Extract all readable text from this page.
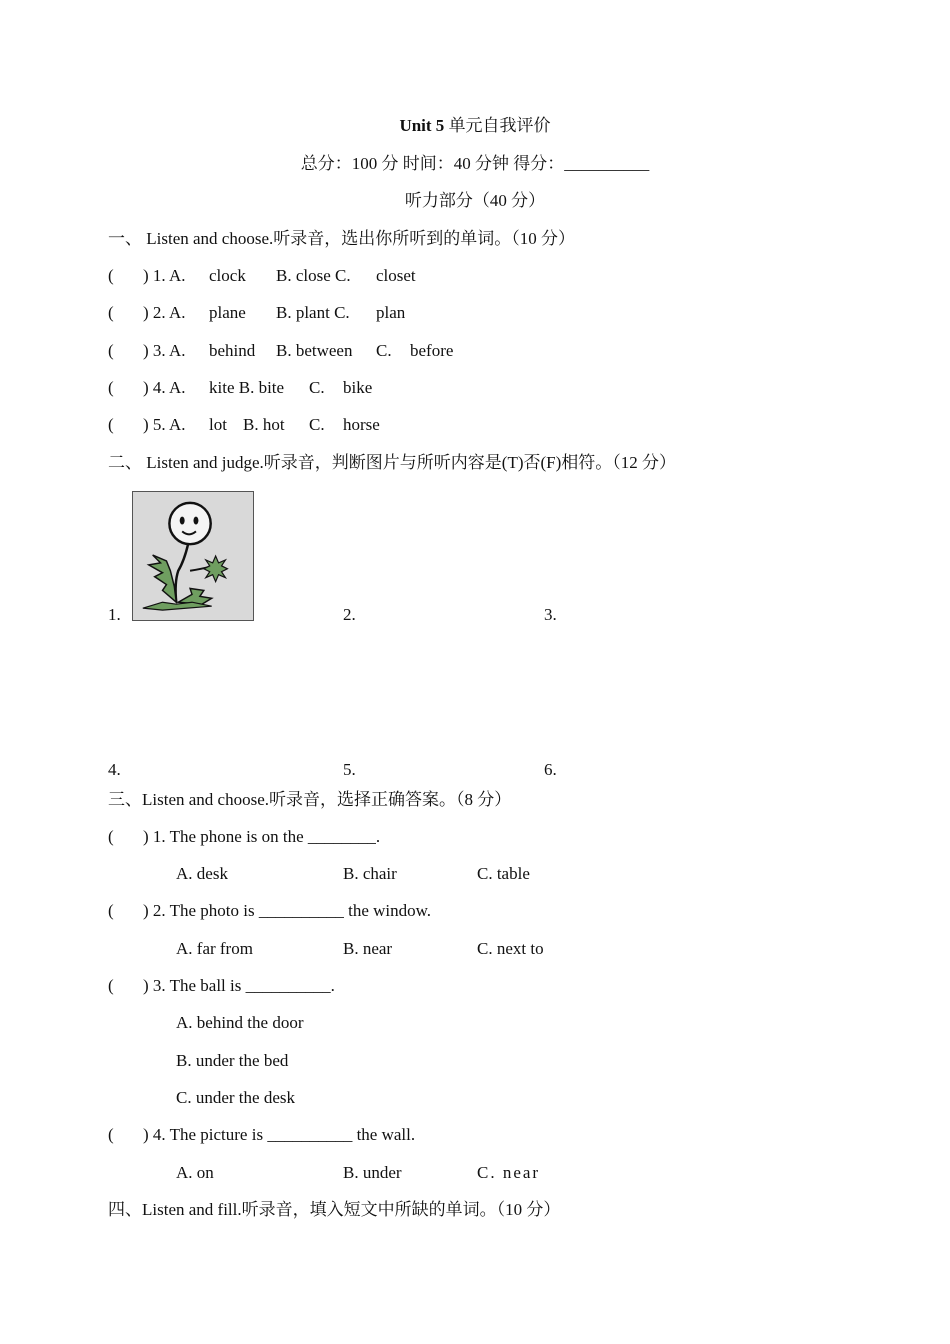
Unit 5 单元自我评价
总分：100 分 时间：40 分钟 得分：__________
听力部分（40 分）
一、 Listen and choose.听录音，选出你所听到的单词。（10 分）
( ) 1. A. clock B. close C. closet
( ) 2. A. plane B. plant C. plan
( ) 3. A. behind B. between C. before
( ) 4. A. kite B. bite C. bike
( ) 5. A. lot B. hot C. horse
二、 Listen and judge.听录音，判断图片与所听内容是(T)否(F)相符。（12 分）
1.	2.	3.
4.	5.	6.
三、Listen and choose.听录音，选择正确答案。（8 分）
( ) 1. The phone is on the ________.
A. desk	B. chair	C. table
( ) 2. The photo is __________ the window.
A. far from	B. near	C. next to
( ) 3. The ball is __________.
A. behind the door
B. under the bed
C. under the desk
( ) 4. The picture is __________ the wall.
A. on	B. under	C. near
四、Listen and fill.听录音，填入短文中所缺的单词。（10 分）
